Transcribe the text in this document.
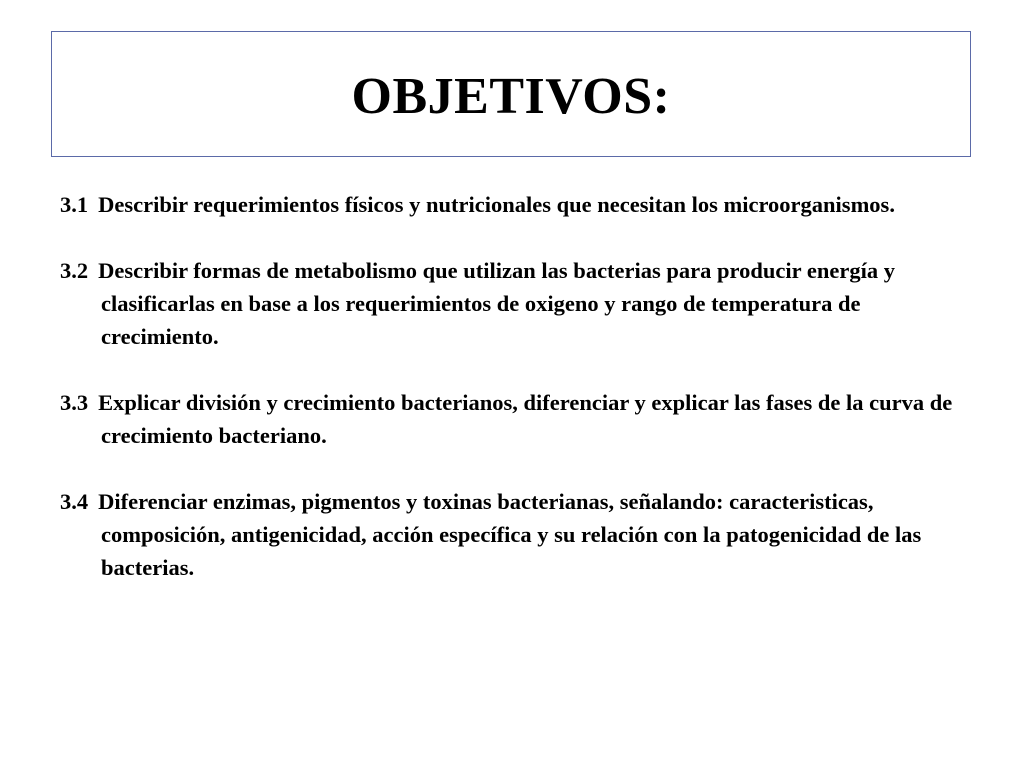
OBJETIVOS:
3.1 Describir requerimientos físicos y nutricionales que necesitan los microorganismos.
3.2 Describir formas de metabolismo que utilizan las bacterias para producir energía y clasificarlas en base a los requerimientos de oxigeno y rango de temperatura de crecimiento.
3.3 Explicar división y crecimiento bacterianos, diferenciar y explicar las fases de la curva de crecimiento bacteriano.
3.4 Diferenciar enzimas, pigmentos y toxinas bacterianas, señalando: caracteristicas, composición, antigenicidad, acción específica y su relación con la patogenicidad de las bacterias.
